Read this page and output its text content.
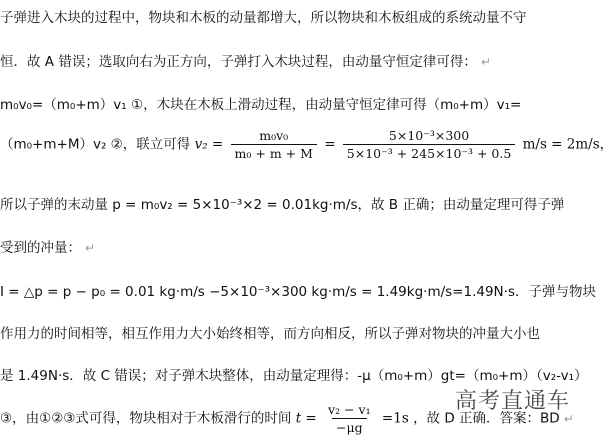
子弹进入木块的过程中，物块和木板的动量都增大，所以物块和木板组成的系统动量不守
恒．故 A 错误；选取向右为正方向，子弹打入木块过程，由动量守恒定律可得： ↵
m₀v₀=（m₀+m）v₁ ①，木块在木板上滑动过程，由动量守恒定律可得（m₀+m）v₁=
（m₀+m+M）v₂ ②，联立可得 $v_2 = \frac{\text{m₀v₀}}{\text{m₀ + m + M}} = \frac{\text{5×10⁻³×300}}{\text{5×10⁻³ + 245×10⁻³ + 0.5}} m/s = 2m/s$，
所以子弹的末动量 p = m₀v₂ = 5×10⁻³×2 = 0.01kg·m/s，故 B 正确；由动量定理可得子弹
受到的冲量： ↵
I = △p = p − p₀ = 0.01 kg·m/s −5×10⁻³×300 kg·m/s = 1.49kg·m/s=1.49N·s．子弹与物块
作用力的时间相等，相互作用力大小始终相等，而方向相反，所以子弹对物块的冲量大小也
是 1.49N·s．故 C 错误；对子弹木块整体，由动量定理得：-μ（m₀+m）gt=（m₀+m）（v₂-v₁）
③，由①②③式可得，物块相对于木板滑行的时间 $t = \frac{\text{v₂ − v₁}}{-\mu g} =1s$ ，故 D 正确．答案：BD ↵
高考直通车
